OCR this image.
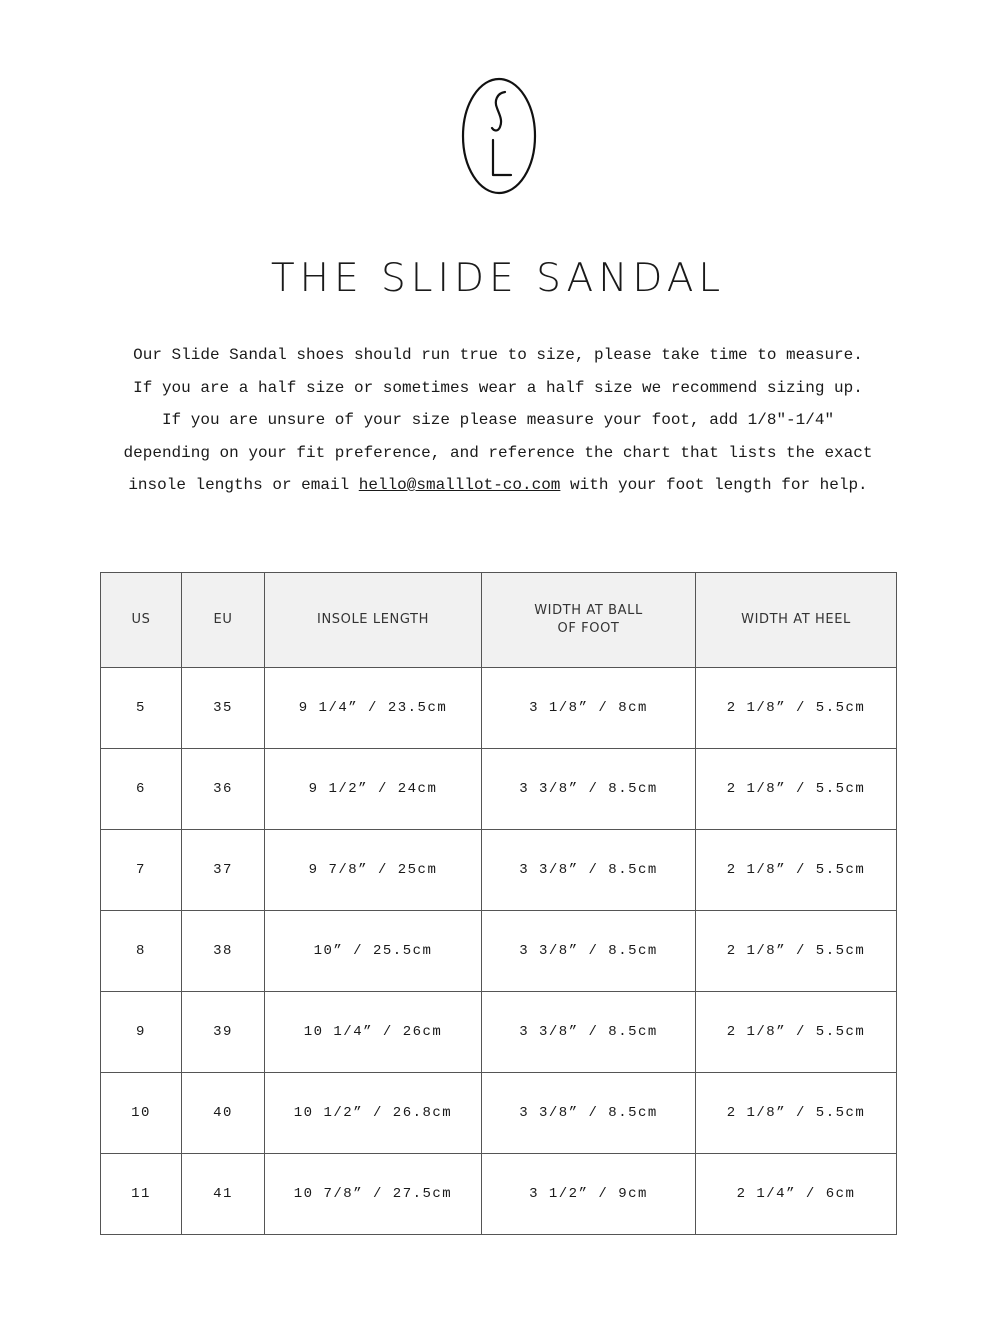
THE SLIDE SANDAL

Our Slide Sandal shoes should run true to size, please take time to measure.

If you are a half size or sometimes wear a half size we recommend sizing up.

If you are unsure of your size please measure your foot, add 1/8"-1/4"

depending on your fit preference, and reference the chart that lists the exact

insole lengths or email hello@smalllot-co.com with your foot length for help.

US	EU	INSOLE LENGTH	WIDTH AT BALL
OF FOOT	WIDTH AT HEEL
5	35	9 1/4” / 23.5cm	3 1/8” / 8cm	2 1/8” / 5.5cm
6	36	9 1/2” / 24cm	3 3/8” / 8.5cm	2 1/8” / 5.5cm
7	37	9 7/8” / 25cm	3 3/8” / 8.5cm	2 1/8” / 5.5cm
8	38	10” / 25.5cm	3 3/8” / 8.5cm	2 1/8” / 5.5cm
9	39	10 1/4” / 26cm	3 3/8” / 8.5cm	2 1/8” / 5.5cm
10	40	10 1/2” / 26.8cm	3 3/8” / 8.5cm	2 1/8” / 5.5cm
11	41	10 7/8” / 27.5cm	3 1/2” / 9cm	2 1/4” / 6cm
